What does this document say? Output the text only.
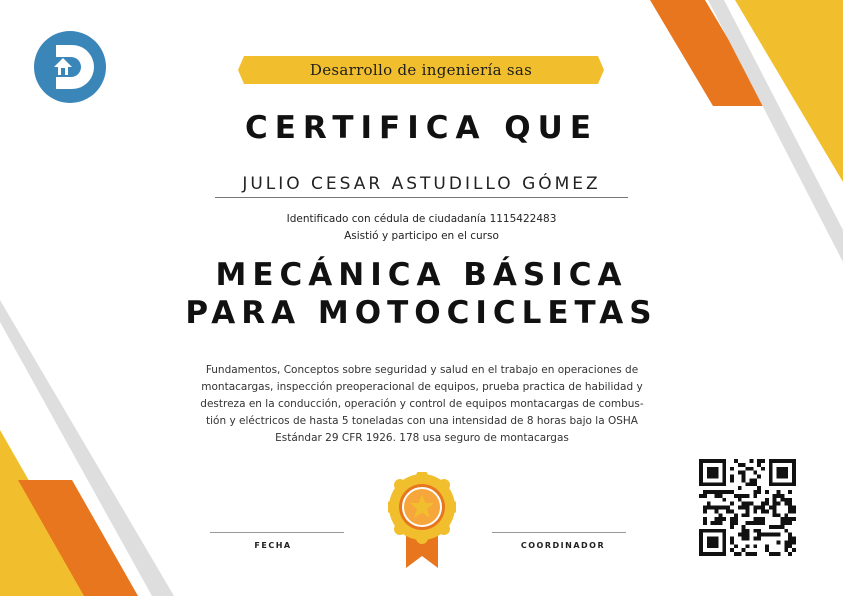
Desarrollo de ingeniería sas
CERTIFICA QUE
JULIO CESAR ASTUDILLO GÓMEZ
Identificado con cédula de ciudadanía 1115422483
Asistió y participo en el curso
MECÁNICA BÁSICA
PARA MOTOCICLETAS
Fundamentos, Conceptos sobre seguridad y salud en el trabajo en operaciones de
montacargas, inspección preoperacional de equipos, prueba practica de habilidad y
destreza en la conducción, operación y control de equipos montacargas de combus-
tión y eléctricos de hasta 5 toneladas con una intensidad de 8 horas bajo la OSHA
Estándar 29 CFR 1926. 178 usa seguro de montacargas
FECHA	COORDINADOR
